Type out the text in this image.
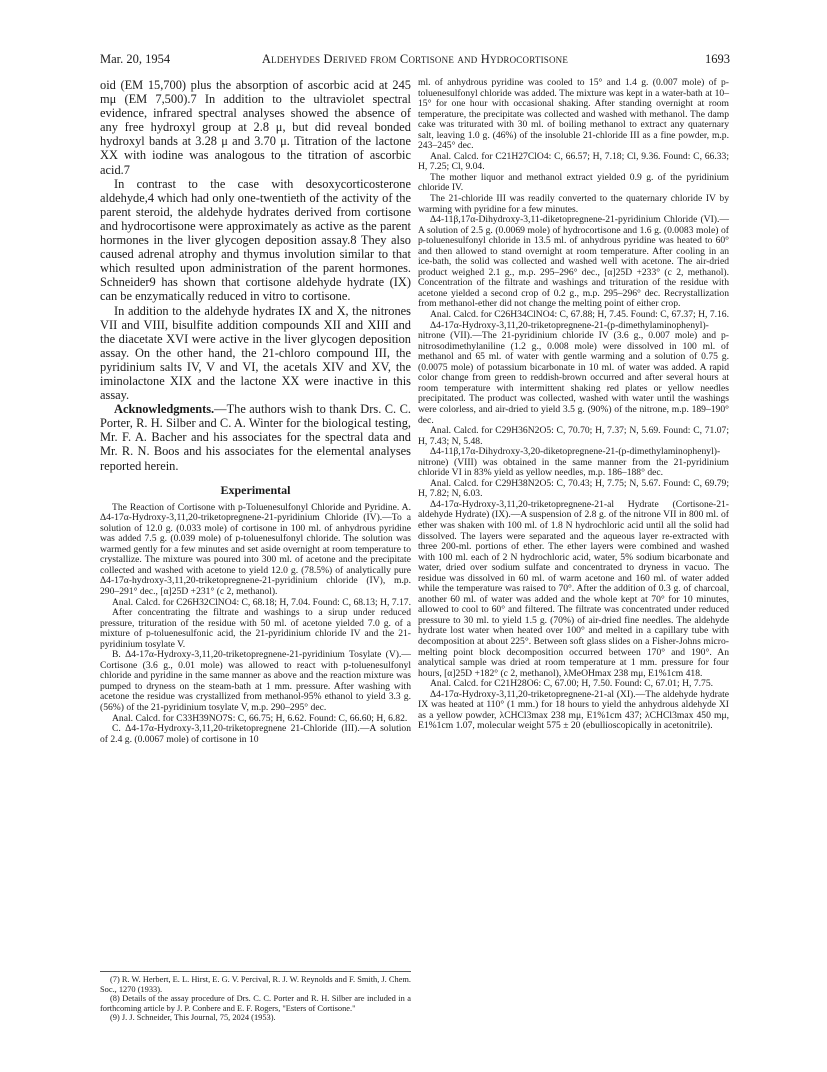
Mar. 20, 1954	Aldehydes Derived from Cortisone and Hydrocortisone	1693

oid (EM 15,700) plus the absorption of ascorbic acid at 245 mμ (EM 7,500).7 In addition to the ultraviolet spectral evidence, infrared spectral analyses showed the absence of any free hydroxyl group at 2.8 μ, but did reveal bonded hydroxyl bands at 3.28 μ and 3.70 μ. Titration of the lactone XX with iodine was analogous to the titration of ascorbic acid.7

In contrast to the case with desoxycorticosterone aldehyde,4 which had only one-twentieth of the activity of the parent steroid, the aldehyde hydrates derived from cortisone and hydrocortisone were approximately as active as the parent hormones in the liver glycogen deposition assay.8 They also caused adrenal atrophy and thymus involution similar to that which resulted upon administration of the parent hormones. Schneider9 has shown that cortisone aldehyde hydrate (IX) can be enzymatically reduced in vitro to cortisone.

In addition to the aldehyde hydrates IX and X, the nitrones VII and VIII, bisulfite addition compounds XII and XIII and the diacetate XVI were active in the liver glycogen deposition assay. On the other hand, the 21-chloro compound III, the pyridinium salts IV, V and VI, the acetals XIV and XV, the iminolactone XIX and the lactone XX were inactive in this assay.

Acknowledgments.—The authors wish to thank Drs. C. C. Porter, R. H. Silber and C. A. Winter for the biological testing, Mr. F. A. Bacher and his associates for the spectral data and Mr. R. N. Boos and his associates for the elemental analyses reported herein.

Experimental

The Reaction of Cortisone with p-Toluenesulfonyl Chloride and Pyridine. A. Δ4-17α-Hydroxy-3,11,20-triketopregnene-21-pyridinium Chloride (IV).—To a solution of 12.0 g. (0.033 mole) of cortisone in 100 ml. of anhydrous pyridine was added 7.5 g. (0.039 mole) of p-toluenesulfonyl chloride. The solution was warmed gently for a few minutes and set aside overnight at room temperature to crystallize. The mixture was poured into 300 ml. of acetone and the precipitate collected and washed with acetone to yield 12.0 g. (78.5%) of analytically pure Δ4-17α-hydroxy-3,11,20-triketopregnene-21-pyridinium chloride (IV), m.p. 290–291° dec., [α]25D +231° (c 2, methanol).

Anal. Calcd. for C26H32ClNO4: C, 68.18; H, 7.04. Found: C, 68.13; H, 7.17.

After concentrating the filtrate and washings to a sirup under reduced pressure, trituration of the residue with 50 ml. of acetone yielded 7.0 g. of a mixture of p-toluenesulfonic acid, the 21-pyridinium chloride IV and the 21-pyridinium tosylate V.

B. Δ4-17α-Hydroxy-3,11,20-triketopregnene-21-pyridinium Tosylate (V).—Cortisone (3.6 g., 0.01 mole) was allowed to react with p-toluenesulfonyl chloride and pyridine in the same manner as above and the reaction mixture was pumped to dryness on the steam-bath at 1 mm. pressure. After washing with acetone the residue was crystallized from methanol-95% ethanol to yield 3.3 g. (56%) of the 21-pyridinium tosylate V, m.p. 290–295° dec.

Anal. Calcd. for C33H39NO7S: C, 66.75; H, 6.62. Found: C, 66.60; H, 6.82.

C. Δ4-17α-Hydroxy-3,11,20-triketopregnene 21-Chloride (III).—A solution of 2.4 g. (0.0067 mole) of cortisone in 10

(7) R. W. Herbert, E. L. Hirst, E. G. V. Percival, R. J. W. Reynolds and F. Smith, J. Chem. Soc., 1270 (1933).

(8) Details of the assay procedure of Drs. C. C. Porter and R. H. Silber are included in a forthcoming article by J. P. Conbere and E. F. Rogers, "Esters of Cortisone."

(9) J. J. Schneider, This Journal, 75, 2024 (1953).

ml. of anhydrous pyridine was cooled to 15° and 1.4 g. (0.007 mole) of p-toluenesulfonyl chloride was added. The mixture was kept in a water-bath at 10–15° for one hour with occasional shaking. After standing overnight at room temperature, the precipitate was collected and washed with methanol. The damp cake was triturated with 30 ml. of boiling methanol to extract any quaternary salt, leaving 1.0 g. (46%) of the insoluble 21-chloride III as a fine powder, m.p. 243–245° dec.

Anal. Calcd. for C21H27ClO4: C, 66.57; H, 7.18; Cl, 9.36. Found: C, 66.33; H, 7.25; Cl, 9.04.

The mother liquor and methanol extract yielded 0.9 g. of the pyridinium chloride IV.

The 21-chloride III was readily converted to the quaternary chloride IV by warming with pyridine for a few minutes.

Δ4-11β,17α-Dihydroxy-3,11-diketopregnene-21-pyridinium Chloride (VI).—A solution of 2.5 g. (0.0069 mole) of hydrocortisone and 1.6 g. (0.0083 mole) of p-toluenesulfonyl chloride in 13.5 ml. of anhydrous pyridine was heated to 60° and then allowed to stand overnight at room temperature. After cooling in an ice-bath, the solid was collected and washed well with acetone. The air-dried product weighed 2.1 g., m.p. 295–296° dec., [α]25D +233° (c 2, methanol). Concentration of the filtrate and washings and trituration of the residue with acetone yielded a second crop of 0.2 g., m.p. 295–296° dec. Recrystallization from methanol-ether did not change the melting point of either crop.

Anal. Calcd. for C26H34ClNO4: C, 67.88; H, 7.45. Found: C, 67.37; H, 7.16.

Δ4-17α-Hydroxy-3,11,20-triketopregnene-21-(p-dimethylaminophenyl)-nitrone (VII).—The 21-pyridinium chloride IV (3.6 g., 0.007 mole) and p-nitrosodimethylaniline (1.2 g., 0.008 mole) were dissolved in 100 ml. of methanol and 65 ml. of water with gentle warming and a solution of 0.75 g. (0.0075 mole) of potassium bicarbonate in 10 ml. of water was added. A rapid color change from green to reddish-brown occurred and after several hours at room temperature with intermittent shaking red plates or yellow needles precipitated. The product was collected, washed with water until the washings were colorless, and air-dried to yield 3.5 g. (90%) of the nitrone, m.p. 189–190° dec.

Anal. Calcd. for C29H36N2O5: C, 70.70; H, 7.37; N, 5.69. Found: C, 71.07; H, 7.43; N, 5.48.

Δ4-11β,17α-Dihydroxy-3,20-diketopregnene-21-(p-dimethylaminophenyl)-nitrone) (VIII) was obtained in the same manner from the 21-pyridinium chloride VI in 83% yield as yellow needles, m.p. 186–188° dec.

Anal. Calcd. for C29H38N2O5: C, 70.43; H, 7.75; N, 5.67. Found: C, 69.79; H, 7.82; N, 6.03.

Δ4-17α-Hydroxy-3,11,20-triketopregnene-21-al Hydrate (Cortisone-21-aldehyde Hydrate) (IX).—A suspension of 2.8 g. of the nitrone VII in 800 ml. of ether was shaken with 100 ml. of 1.8 N hydrochloric acid until all the solid had dissolved. The layers were separated and the aqueous layer re-extracted with three 200-ml. portions of ether. The ether layers were combined and washed with 100 ml. each of 2 N hydrochloric acid, water, 5% sodium bicarbonate and water, dried over sodium sulfate and concentrated to dryness in vacuo. The residue was dissolved in 60 ml. of warm acetone and 160 ml. of water added while the temperature was raised to 70°. After the addition of 0.3 g. of charcoal, another 60 ml. of water was added and the whole kept at 70° for 10 minutes, allowed to cool to 60° and filtered. The filtrate was concentrated under reduced pressure to 30 ml. to yield 1.5 g. (70%) of air-dried fine needles. The aldehyde hydrate lost water when heated over 100° and melted in a capillary tube with decomposition at about 225°. Between soft glass slides on a Fisher-Johns micro-melting point block decomposition occurred between 170° and 190°. An analytical sample was dried at room temperature at 1 mm. pressure for four hours, [α]25D +182° (c 2, methanol), λMeOHmax 238 mμ, E1%1cm 418.

Anal. Calcd. for C21H28O6: C, 67.00; H, 7.50. Found: C, 67.01; H, 7.75.

Δ4-17α-Hydroxy-3,11,20-triketopregnene-21-al (XI).—The aldehyde hydrate IX was heated at 110° (1 mm.) for 18 hours to yield the anhydrous aldehyde XI as a yellow powder, λCHCl3max 238 mμ, E1%1cm 437; λCHCl3max 450 mμ, E1%1cm 1.07, molecular weight 575 ± 20 (ebullioscopically in acetonitrile).
